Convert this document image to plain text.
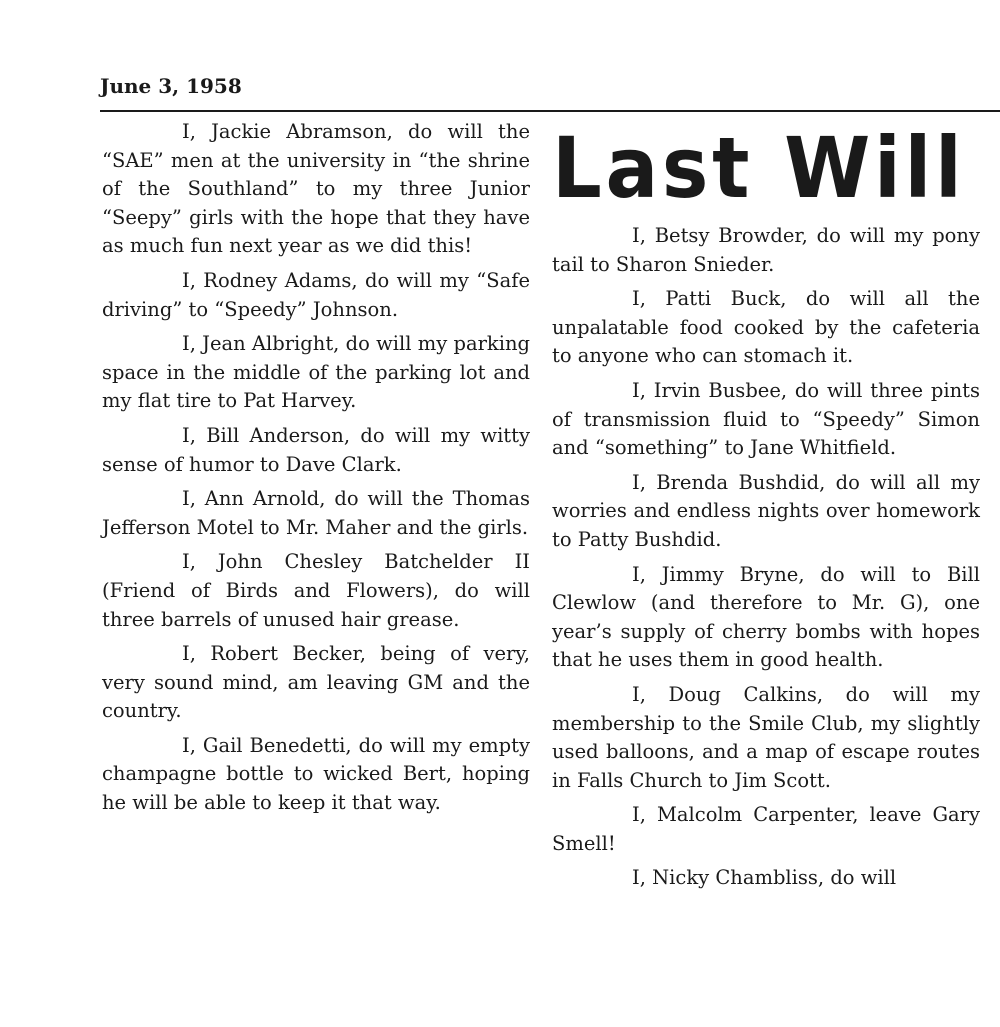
June 3, 1958

I, Jackie Abramson, do will the “SAE” men at the university in “the shrine of the Southland” to my three Junior “Seepy” girls with the hope that they have as much fun next year as we did this!

I, Rodney Adams, do will my “Safe driving” to “Speedy” Johnson.

I, Jean Albright, do will my parking space in the middle of the parking lot and my flat tire to Pat Harvey.

I, Bill Anderson, do will my witty sense of humor to Dave Clark.

I, Ann Arnold, do will the Thomas Jefferson Motel to Mr. Maher and the girls.

I, John Chesley Batchelder II (Friend of Birds and Flowers), do will three barrels of unused hair grease.

I, Robert Becker, being of very, very sound mind, am leaving GM and the country.

I, Gail Benedetti, do will my empty champagne bottle to wicked Bert, hoping he will be able to keep it that way.

Last Will

I, Betsy Browder, do will my pony tail to Sharon Snieder.

I, Patti Buck, do will all the unpalatable food cooked by the cafeteria to anyone who can stomach it.

I, Irvin Busbee, do will three pints of transmission fluid to “Speedy” Simon and “something” to Jane Whitfield.

I, Brenda Bushdid, do will all my worries and endless nights over homework to Patty Bushdid.

I, Jimmy Bryne, do will to Bill Clewlow (and therefore to Mr. G), one year’s supply of cherry bombs with hopes that he uses them in good health.

I, Doug Calkins, do will my membership to the Smile Club, my slightly used balloons, and a map of escape routes in Falls Church to Jim Scott.

I, Malcolm Carpenter, leave Gary Smell!

I, Nicky Chambliss, do will
